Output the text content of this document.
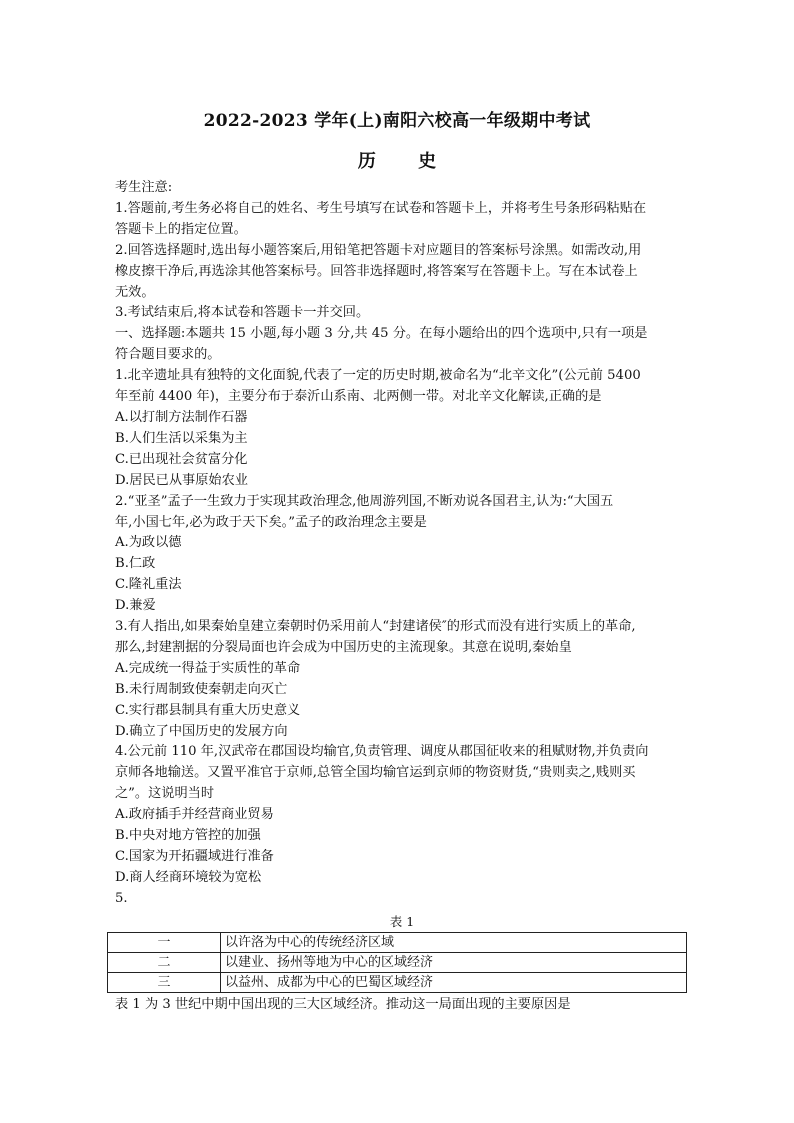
2022-2023 学年(上)南阳六校高一年级期中考试
历 史
考生注意:
1.答题前,考生务必将自己的姓名、考生号填写在试卷和答题卡上，并将考生号条形码粘贴在
答题卡上的指定位置。
2.回答选择题时,选出每小题答案后,用铅笔把答题卡对应题目的答案标号涂黑。如需改动,用
橡皮擦干净后,再选涂其他答案标号。回答非选择题时,将答案写在答题卡上。写在本试卷上
无效。
3.考试结束后,将本试卷和答题卡一并交回。
一、选择题:本题共 15 小题,每小题 3 分,共 45 分。在每小题给出的四个选项中,只有一项是
符合题目要求的。
1.北辛遗址具有独特的文化面貌,代表了一定的历史时期,被命名为“北辛文化”(公元前 5400
年至前 4400 年)，主要分布于泰沂山系南、北两侧一带。对北辛文化解读,正确的是
A.以打制方法制作石器
B.人们生活以采集为主
C.已出现社会贫富分化
D.居民已从事原始农业
2.“亚圣”孟子一生致力于实现其政治理念,他周游列国,不断劝说各国君主,认为:“大国五
年,小国七年,必为政于天下矣。”孟子的政治理念主要是
A.为政以德
B.仁政
C.隆礼重法
D.兼爱
3.有人指出,如果秦始皇建立秦朝时仍采用前人“封建诸侯″的形式而没有进行实质上的革命,
那么,封建割据的分裂局面也许会成为中国历史的主流现象。其意在说明,秦始皇
A.完成统一得益于实质性的革命
B.未行周制致使秦朝走向灭亡
C.实行郡县制具有重大历史意义
D.确立了中国历史的发展方向
4.公元前 110 年,汉武帝在郡国设均输官,负责管理、调度从郡国征收来的租赋财物,并负责向
京师各地输送。又置平准官于京师,总管全国均输官运到京师的物资财货,“贵则卖之,贱则买
之”。这说明当时
A.政府插手并经营商业贸易
B.中央对地方管控的加强
C.国家为开拓疆域进行准备
D.商人经商环境较为宽松
5.
表 1
一	以许洛为中心的传统经济区域
二	以建业、扬州等地为中心的区域经济
三	以益州、成都为中心的巴蜀区域经济
表 1 为 3 世纪中期中国出现的三大区域经济。推动这一局面出现的主要原因是
